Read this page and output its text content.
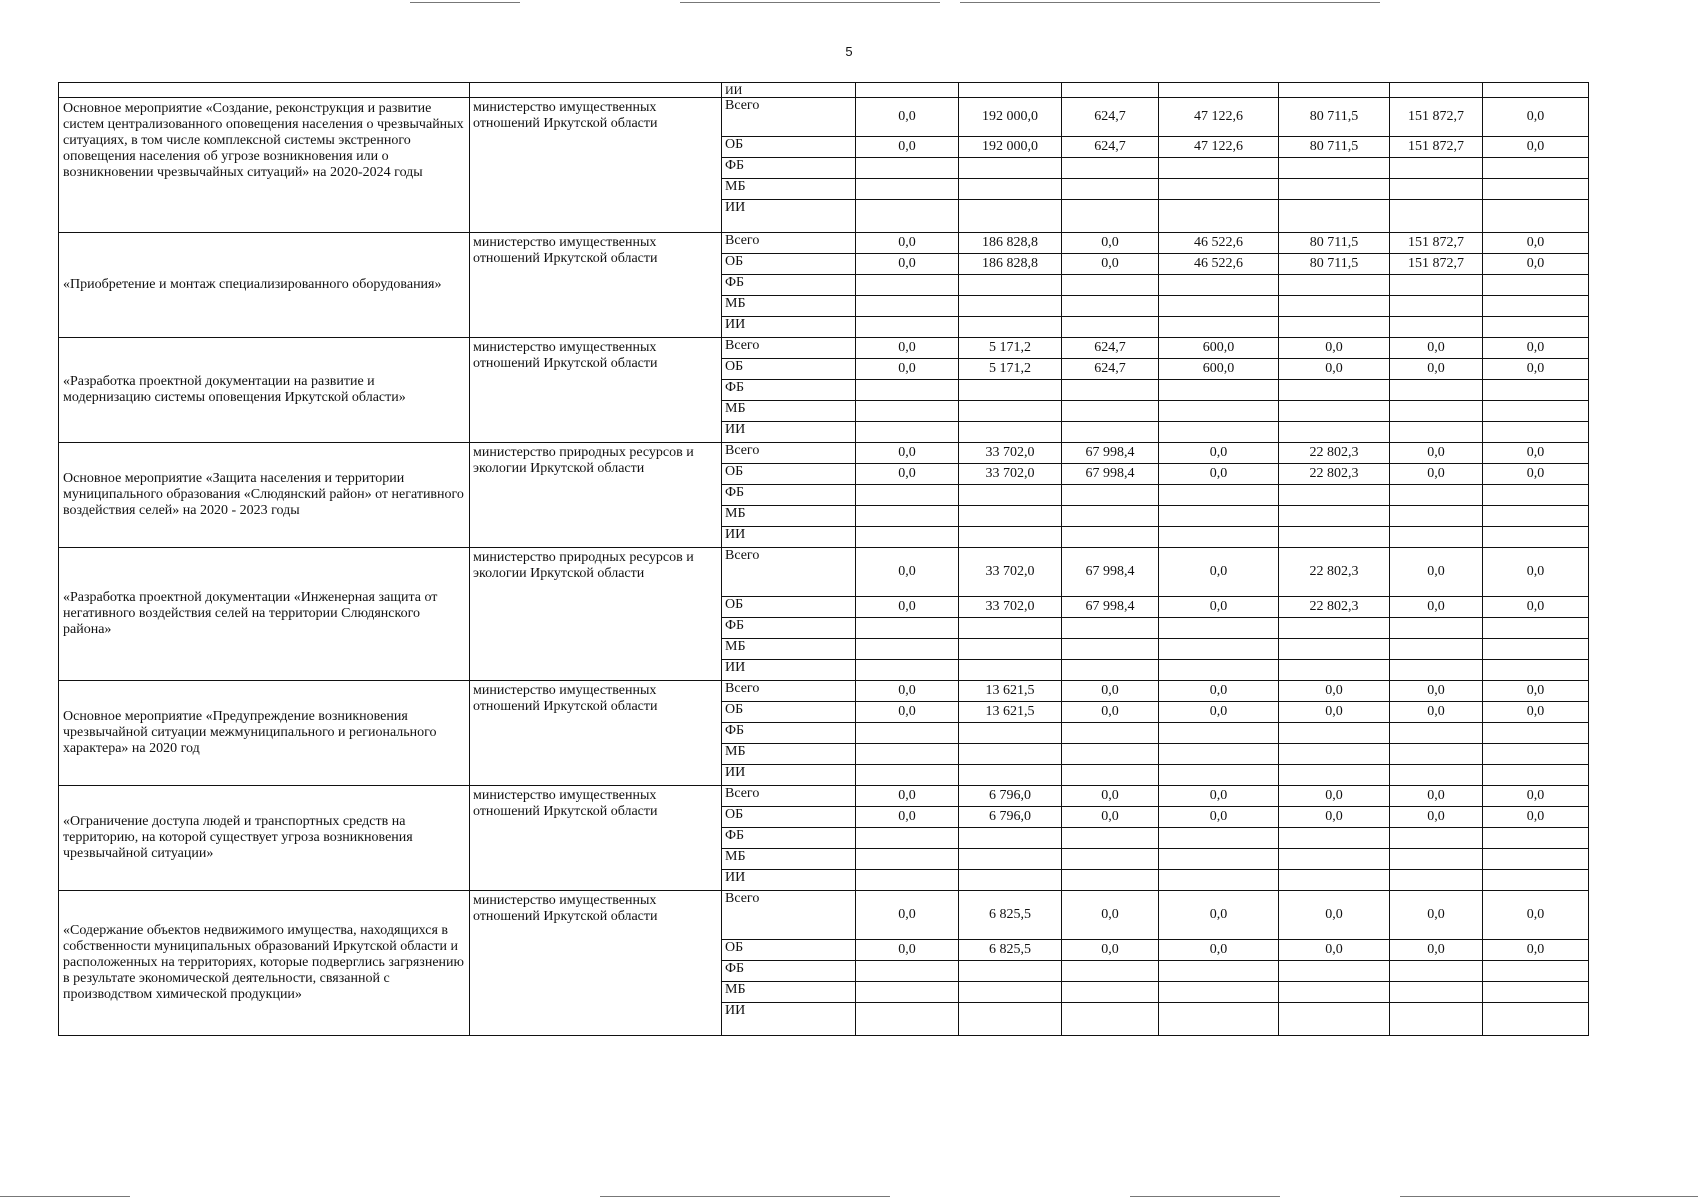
5
		ИИ							
Основное мероприятие «Создание, реконструкция и развитие систем централизованного оповещения населения о чрезвычайных ситуациях, в том числе комплексной системы экстренного оповещения населения об угрозе возникновения или о возникновении чрезвычайных ситуаций» на 2020-2024 годы	министерство имущественных отношений Иркутской области	Всего	0,0	192 000,0	624,7	47 122,6	80 711,5	151 872,7	0,0
		ОБ	0,0	192 000,0	624,7	47 122,6	80 711,5	151 872,7	0,0
		ФБ							
		МБ							
		ИИ							
«Приобретение и монтаж специализированного оборудования»	министерство имущественных отношений Иркутской области	Всего	0,0	186 828,8	0,0	46 522,6	80 711,5	151 872,7	0,0
		ОБ	0,0	186 828,8	0,0	46 522,6	80 711,5	151 872,7	0,0
		ФБ							
		МБ							
		ИИ							
«Разработка проектной документации на развитие и модернизацию системы оповещения Иркутской области»	министерство имущественных отношений Иркутской области	Всего	0,0	5 171,2	624,7	600,0	0,0	0,0	0,0
		ОБ	0,0	5 171,2	624,7	600,0	0,0	0,0	0,0
		ФБ							
		МБ							
		ИИ							
Основное мероприятие «Защита населения и территории муниципального образования «Слюдянский район» от негативного воздействия селей» на 2020 - 2023 годы	министерство природных ресурсов и экологии Иркутской области	Всего	0,0	33 702,0	67 998,4	0,0	22 802,3	0,0	0,0
		ОБ	0,0	33 702,0	67 998,4	0,0	22 802,3	0,0	0,0
		ФБ							
		МБ							
		ИИ							
«Разработка проектной документации «Инженерная защита от негативного воздействия селей на территории Слюдянского района»	министерство природных ресурсов и экологии Иркутской области	Всего	0,0	33 702,0	67 998,4	0,0	22 802,3	0,0	0,0
		ОБ	0,0	33 702,0	67 998,4	0,0	22 802,3	0,0	0,0
		ФБ							
		МБ							
		ИИ							
Основное мероприятие «Предупреждение возникновения чрезвычайной ситуации межмуниципального и регионального характера» на 2020 год	министерство имущественных отношений Иркутской области	Всего	0,0	13 621,5	0,0	0,0	0,0	0,0	0,0
		ОБ	0,0	13 621,5	0,0	0,0	0,0	0,0	0,0
		ФБ							
		МБ							
		ИИ							
«Ограничение доступа людей и транспортных средств на территорию, на которой существует угроза возникновения чрезвычайной ситуации»	министерство имущественных отношений Иркутской области	Всего	0,0	6 796,0	0,0	0,0	0,0	0,0	0,0
		ОБ	0,0	6 796,0	0,0	0,0	0,0	0,0	0,0
		ФБ							
		МБ							
		ИИ							
«Содержание объектов недвижимого имущества, находящихся в собственности муниципальных образований Иркутской области и расположенных на территориях, которые подверглись загрязнению в результате экономической деятельности, связанной с производством химической продукции»	министерство имущественных отношений Иркутской области	Всего	0,0	6 825,5	0,0	0,0	0,0	0,0	0,0
		ОБ	0,0	6 825,5	0,0	0,0	0,0	0,0	0,0
		ФБ							
		МБ							
		ИИ							
